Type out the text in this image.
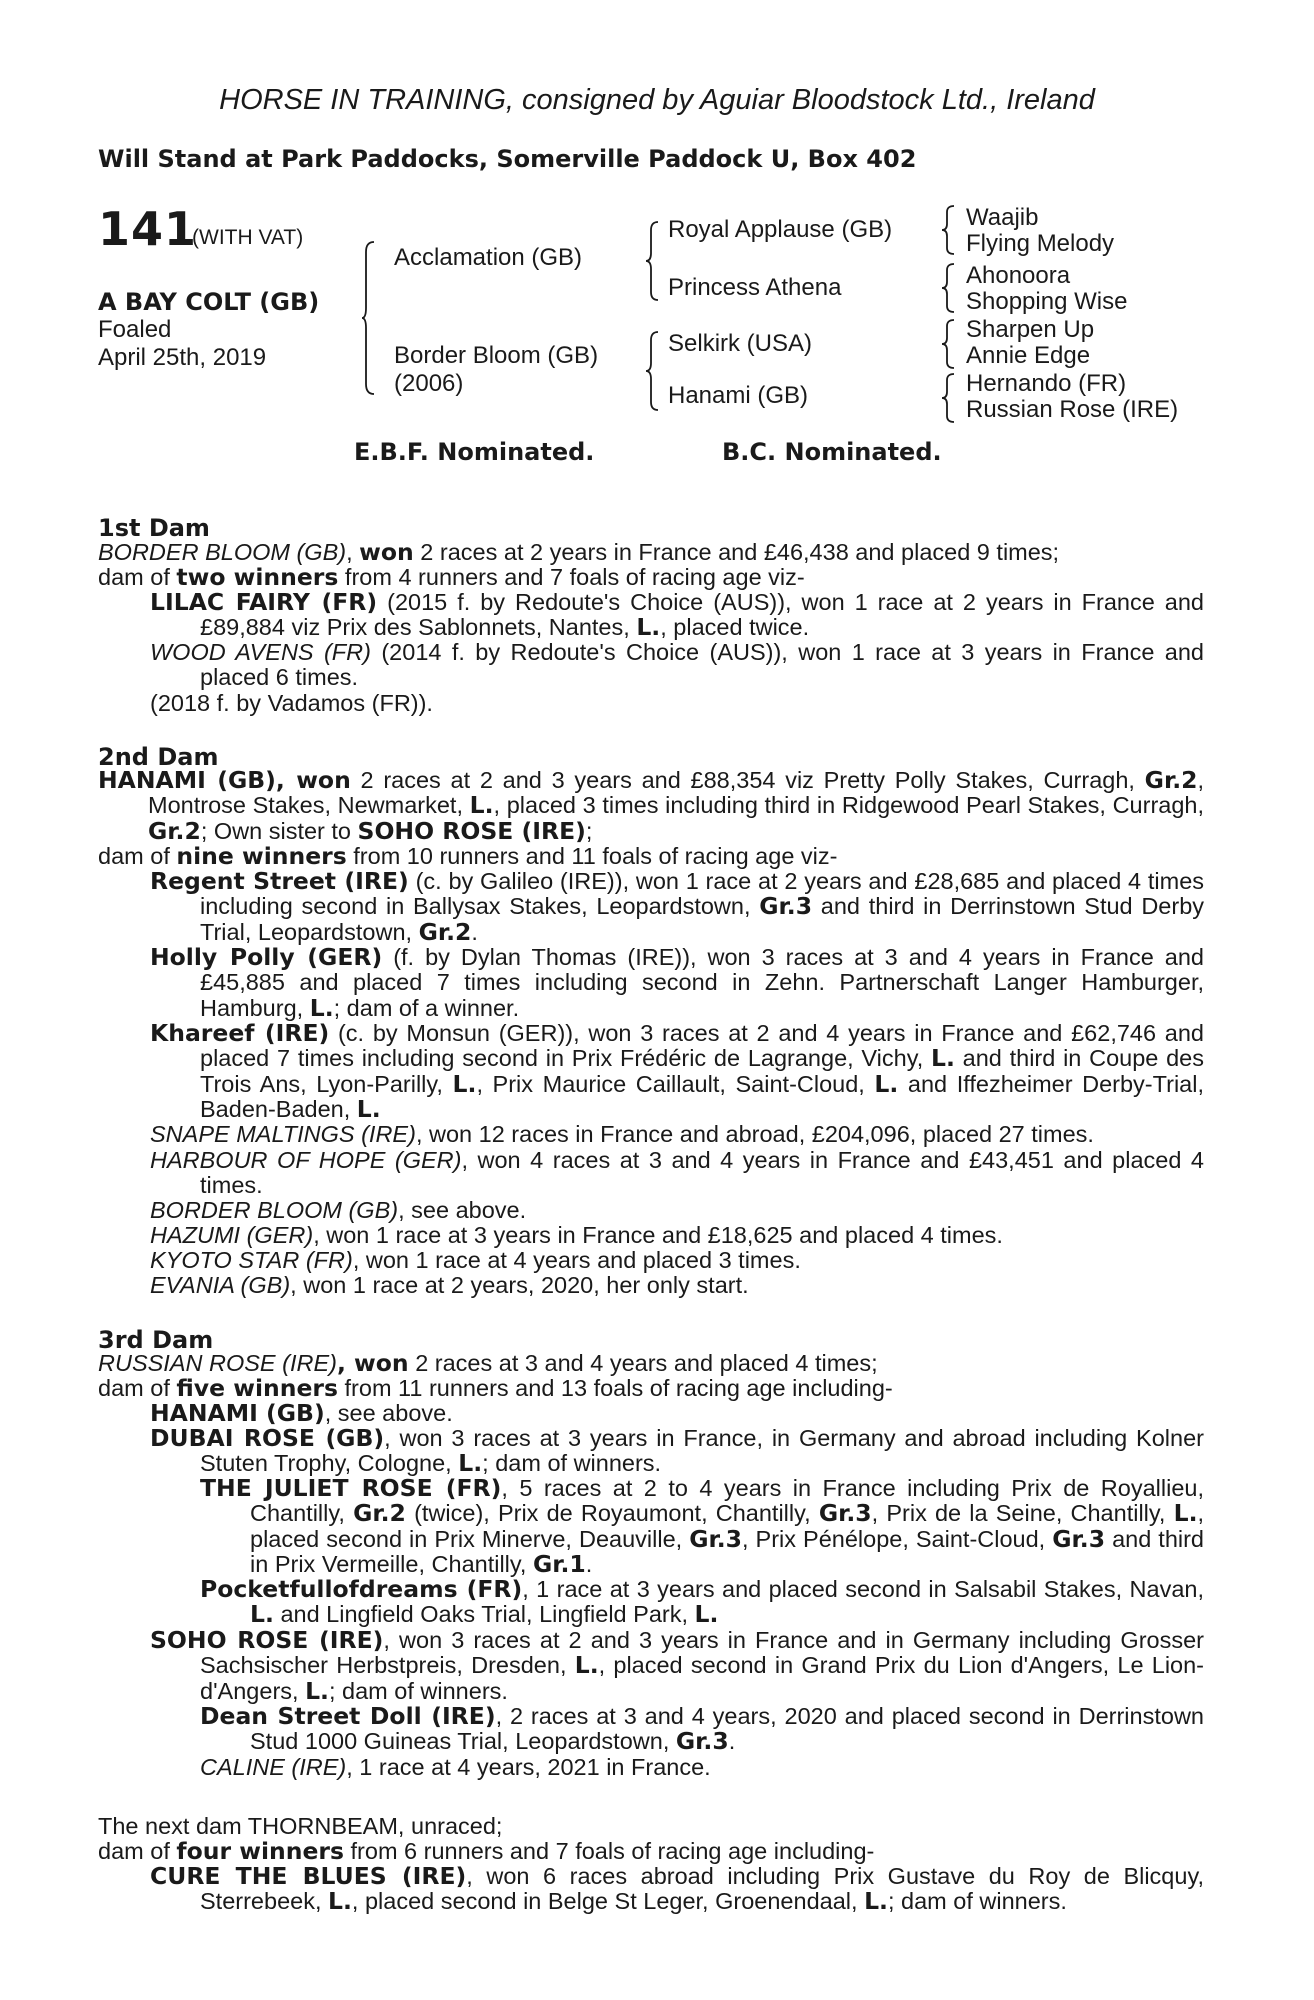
HORSE IN TRAINING, consigned by Aguiar Bloodstock Ltd., Ireland
Will Stand at Park Paddocks, Somerville Paddock U, Box 402
141
(WITH VAT)
A BAY COLT (GB)
Foaled
April 25th, 2019
Acclamation (GB)
Border Bloom (GB)
(2006)
Royal Applause (GB)
Princess Athena
Selkirk (USA)
Hanami (GB)
Waajib
Flying Melody
Ahonoora
Shopping Wise
Sharpen Up
Annie Edge
Hernando (FR)
Russian Rose (IRE)
E.B.F. Nominated.	B.C. Nominated.
1st Dam
BORDER BLOOM (GB), won 2 races at 2 years in France and £46,438 and placed 9 times;
dam of two winners from 4 runners and 7 foals of racing age viz-
LILAC FAIRY (FR) (2015 f. by Redoute's Choice (AUS)), won 1 race at 2 years in France and £89,884 viz Prix des Sablonnets, Nantes, L., placed twice.
WOOD AVENS (FR) (2014 f. by Redoute's Choice (AUS)), won 1 race at 3 years in France and placed 6 times.
(2018 f. by Vadamos (FR)).
2nd Dam
HANAMI (GB), won 2 races at 2 and 3 years and £88,354 viz Pretty Polly Stakes, Curragh, Gr.2, Montrose Stakes, Newmarket, L., placed 3 times including third in Ridgewood Pearl Stakes, Curragh, Gr.2; Own sister to SOHO ROSE (IRE);
dam of nine winners from 10 runners and 11 foals of racing age viz-
Regent Street (IRE) (c. by Galileo (IRE)), won 1 race at 2 years and £28,685 and placed 4 times including second in Ballysax Stakes, Leopardstown, Gr.3 and third in Derrinstown Stud Derby Trial, Leopardstown, Gr.2.
Holly Polly (GER) (f. by Dylan Thomas (IRE)), won 3 races at 3 and 4 years in France and £45,885 and placed 7 times including second in Zehn. Partnerschaft Langer Hamburger, Hamburg, L.; dam of a winner.
Khareef (IRE) (c. by Monsun (GER)), won 3 races at 2 and 4 years in France and £62,746 and placed 7 times including second in Prix Frédéric de Lagrange, Vichy, L. and third in Coupe des Trois Ans, Lyon-Parilly, L., Prix Maurice Caillault, Saint-Cloud, L. and Iffezheimer Derby-Trial, Baden-Baden, L.
SNAPE MALTINGS (IRE), won 12 races in France and abroad, £204,096, placed 27 times.
HARBOUR OF HOPE (GER), won 4 races at 3 and 4 years in France and £43,451 and placed 4 times.
BORDER BLOOM (GB), see above.
HAZUMI (GER), won 1 race at 3 years in France and £18,625 and placed 4 times.
KYOTO STAR (FR), won 1 race at 4 years and placed 3 times.
EVANIA (GB), won 1 race at 2 years, 2020, her only start.
3rd Dam
RUSSIAN ROSE (IRE), won 2 races at 3 and 4 years and placed 4 times;
dam of five winners from 11 runners and 13 foals of racing age including-
HANAMI (GB), see above.
DUBAI ROSE (GB), won 3 races at 3 years in France, in Germany and abroad including Kolner Stuten Trophy, Cologne, L.; dam of winners.
THE JULIET ROSE (FR), 5 races at 2 to 4 years in France including Prix de Royallieu, Chantilly, Gr.2 (twice), Prix de Royaumont, Chantilly, Gr.3, Prix de la Seine, Chantilly, L., placed second in Prix Minerve, Deauville, Gr.3, Prix Pénélope, Saint-Cloud, Gr.3 and third in Prix Vermeille, Chantilly, Gr.1.
Pocketfullofdreams (FR), 1 race at 3 years and placed second in Salsabil Stakes, Navan, L. and Lingfield Oaks Trial, Lingfield Park, L.
SOHO ROSE (IRE), won 3 races at 2 and 3 years in France and in Germany including Grosser Sachsischer Herbstpreis, Dresden, L., placed second in Grand Prix du Lion d'Angers, Le Lion-d'Angers, L.; dam of winners.
Dean Street Doll (IRE), 2 races at 3 and 4 years, 2020 and placed second in Derrinstown Stud 1000 Guineas Trial, Leopardstown, Gr.3.
CALINE (IRE), 1 race at 4 years, 2021 in France.
The next dam THORNBEAM, unraced;
dam of four winners from 6 runners and 7 foals of racing age including-
CURE THE BLUES (IRE), won 6 races abroad including Prix Gustave du Roy de Blicquy, Sterrebeek, L., placed second in Belge St Leger, Groenendaal, L.; dam of winners.
